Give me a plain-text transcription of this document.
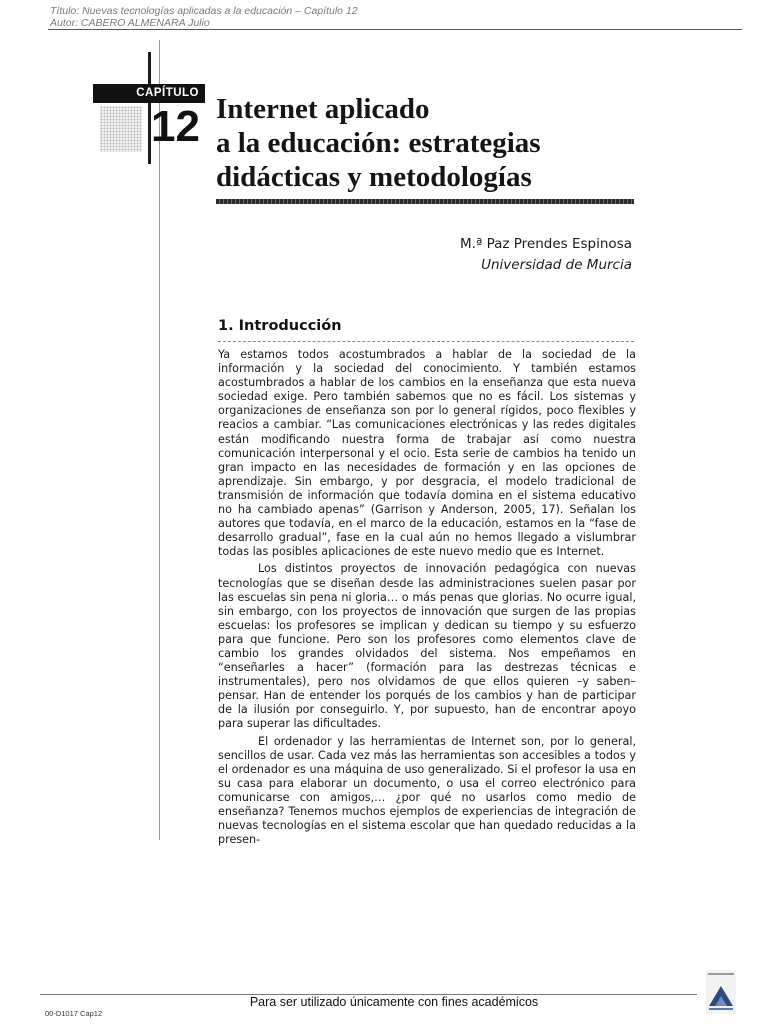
Título: Nuevas tecnologías aplicadas a la educación – Capítulo 12
Autor: CABERO ALMENARA Julio
CAPÍTULO
12 Internet aplicado
a la educación: estrategias
didácticas y metodologías
M.ª Paz Prendes Espinosa
Universidad de Murcia
1. Introducción

Ya estamos todos acostumbrados a hablar de la sociedad de la información y la sociedad del conocimiento. Y también estamos acostumbrados a hablar de los cambios en la enseñanza que esta nueva sociedad exige. Pero también sabemos que no es fácil. Los sistemas y organizaciones de enseñanza son por lo general rígidos, poco flexibles y reacios a cambiar. “Las comunicaciones electrónicas y las redes digitales están modificando nuestra forma de trabajar así como nuestra comunicación interpersonal y el ocio. Esta serie de cambios ha tenido un gran impacto en las necesidades de formación y en las opciones de aprendizaje. Sin embargo, y por desgracia, el modelo tradicional de transmisión de información que todavía domina en el sistema educativo no ha cambiado apenas” (Garrison y Anderson, 2005, 17). Señalan los autores que todavía, en el marco de la educación, estamos en la “fase de desarrollo gradual”, fase en la cual aún no hemos llegado a vislumbrar todas las posibles aplicaciones de este nuevo medio que es Internet.

Los distintos proyectos de innovación pedagógica con nuevas tecnologías que se diseñan desde las administraciones suelen pasar por las escuelas sin pena ni gloria… o más penas que glorias. No ocurre igual, sin embargo, con los proyectos de innovación que surgen de las propias escuelas: los profesores se implican y dedican su tiempo y su esfuerzo para que funcione. Pero son los profesores como elementos clave de cambio los grandes olvidados del sistema. Nos empeñamos en “enseñarles a hacer” (formación para las destrezas técnicas e instrumentales), pero nos olvidamos de que ellos quieren –y saben– pensar. Han de entender los porqués de los cambios y han de participar de la ilusión por conseguirlo. Y, por supuesto, han de encontrar apoyo para superar las dificultades.

El ordenador y las herramientas de Internet son, por lo general, sencillos de usar. Cada vez más las herramientas son accesibles a todos y el ordenador es una máquina de uso generalizado. Si el profesor la usa en su casa para elaborar un documento, o usa el correo electrónico para comunicarse con amigos,… ¿por qué no usarlos como medio de enseñanza? Tenemos muchos ejemplos de experiencias de integración de nuevas tecnologías en el sistema escolar que han quedado reducidas a la presen-

Para ser utilizado únicamente con fines académicos
00-D1017 Cap12
